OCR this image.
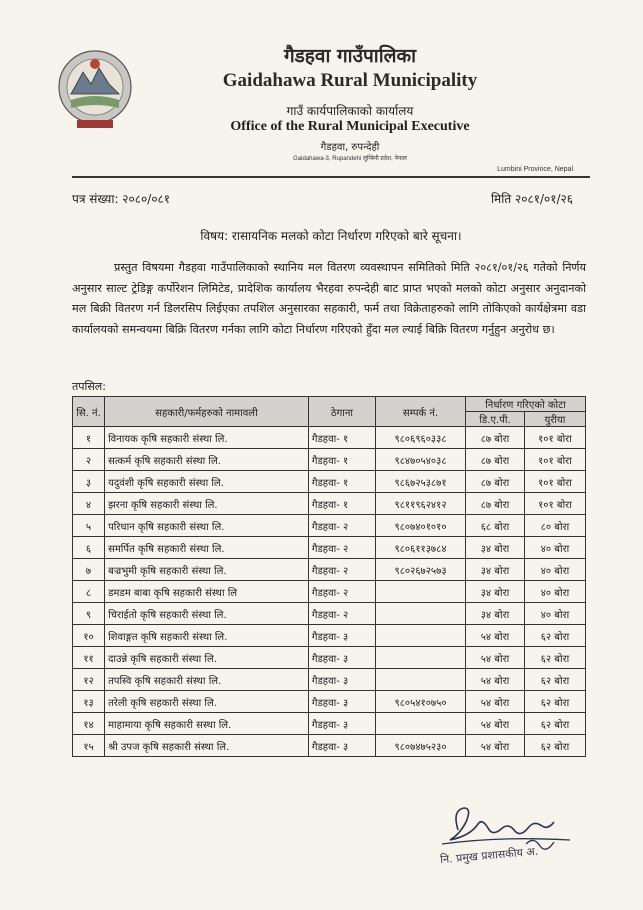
गैडहवा गाउँपालिका
Gaidahawa Rural Municipality
गाउँ कार्यपालिकाको कार्यालय
Office of the Rural Municipal Executive
गैडहवा, रुपन्देही
Gaidahawa-3, Rupandehi लुम्बिनी प्रदेश, नेपाल
Lumbini Province, Nepal
पत्र संख्या: २०८०/०८१	मिति २०८१/०१/२६
विषय: रासायनिक मलको कोटा निर्धारण गरिएको बारे सूचना।
प्रस्तुत विषयमा गैडहवा गाउँपालिकाको स्थानिय मल वितरण व्यवस्थापन समितिको मिति २०८१/०१/२६ गतेको निर्णय अनुसार साल्ट ट्रेडिङ्ग कर्पोरेशन लिमिटेड, प्रादेशिक कार्यालय भैरहवा रुपन्देही बाट प्राप्त भएको मलको कोटा अनुसार अनुदानको मल बिक्री वितरण गर्न डिलरसिप लिईएका तपशिल अनुसारका सहकारी, फर्म तथा विक्रेताहरुको लागि तोकिएको कार्यक्षेत्रमा वडा कार्यालयको समन्वयमा बिक्रि वितरण गर्नका लागि कोटा निर्धारण गरिएको हुँदा मल ल्याई बिक्रि वितरण गर्नुहुन अनुरोध छ।
तपसिल:
सि. नं.	सहकारी/फर्महरुको नामावली	ठेगाना	सम्पर्क नं.	निर्धारण गरिएको कोटा	
				डि.ए.पी.	युरीया
१	विनायक कृषि सहकारी संस्था लि.	गैडहवा- १	९८०६९६०३३८	८७ बोरा	१०१ बोरा
२	सत्कर्म कृषि सहकारी संस्था लि.	गैडहवा- १	९८४७०५४०३८	८७ बोरा	१०१ बोरा
३	यदुवंशी कृषि सहकारी संस्था लि.	गैडहवा- १	९८६७२५३८७१	८७ बोरा	१०१ बोरा
४	झरना कृषि सहकारी संस्था लि.	गैडहवा- १	९८११९६२४१२	८७ बोरा	१०१ बोरा
५	परिधान कृषि सहकारी संस्था लि.	गैडहवा- २	९८०७४०१०१०	६८ बोरा	८० बोरा
६	समर्पित कृषि सहकारी संस्था लि.	गैडहवा- २	९८०६११३७८४	३४ बोरा	४० बोरा
७	बज्रभुमी कृषि सहकारी संस्था लि.	गैडहवा- २	९८०२६७२५७३	३४ बोरा	४० बोरा
८	डमडम बाबा कृषि सहकारी संस्था लि	गैडहवा- २		३४ बोरा	४० बोरा
९	चिराईतो कृषि सहकारी संस्था लि.	गैडहवा- २		३४ बोरा	४० बोरा
१०	शिवाङ्गत कृषि सहकारी संस्था लि.	गैडहवा- ३		५४ बोरा	६२ बोरा
११	दाउन्ने कृषि सहकारी संस्था लि.	गैडहवा- ३		५४ बोरा	६२ बोरा
१२	तपस्वि कृषि सहकारी संस्था लि.	गैडहवा- ३		५४ बोरा	६२ बोरा
१३	तरेली कृषि सहकारी संस्था लि.	गैडहवा- ३	९८०५४१०७५०	५४ बोरा	६२ बोरा
१४	माहामाया कृषि सहकारी सस्था लि.	गैडहवा- ३		५४ बोरा	६२ बोरा
१५	श्री उपज कृषि सहकारी संस्था लि.	गैडहवा- ३	९८०७४७५२३०	५४ बोरा	६२ बोरा
नि. प्रमुख प्रशासकीय अ.
